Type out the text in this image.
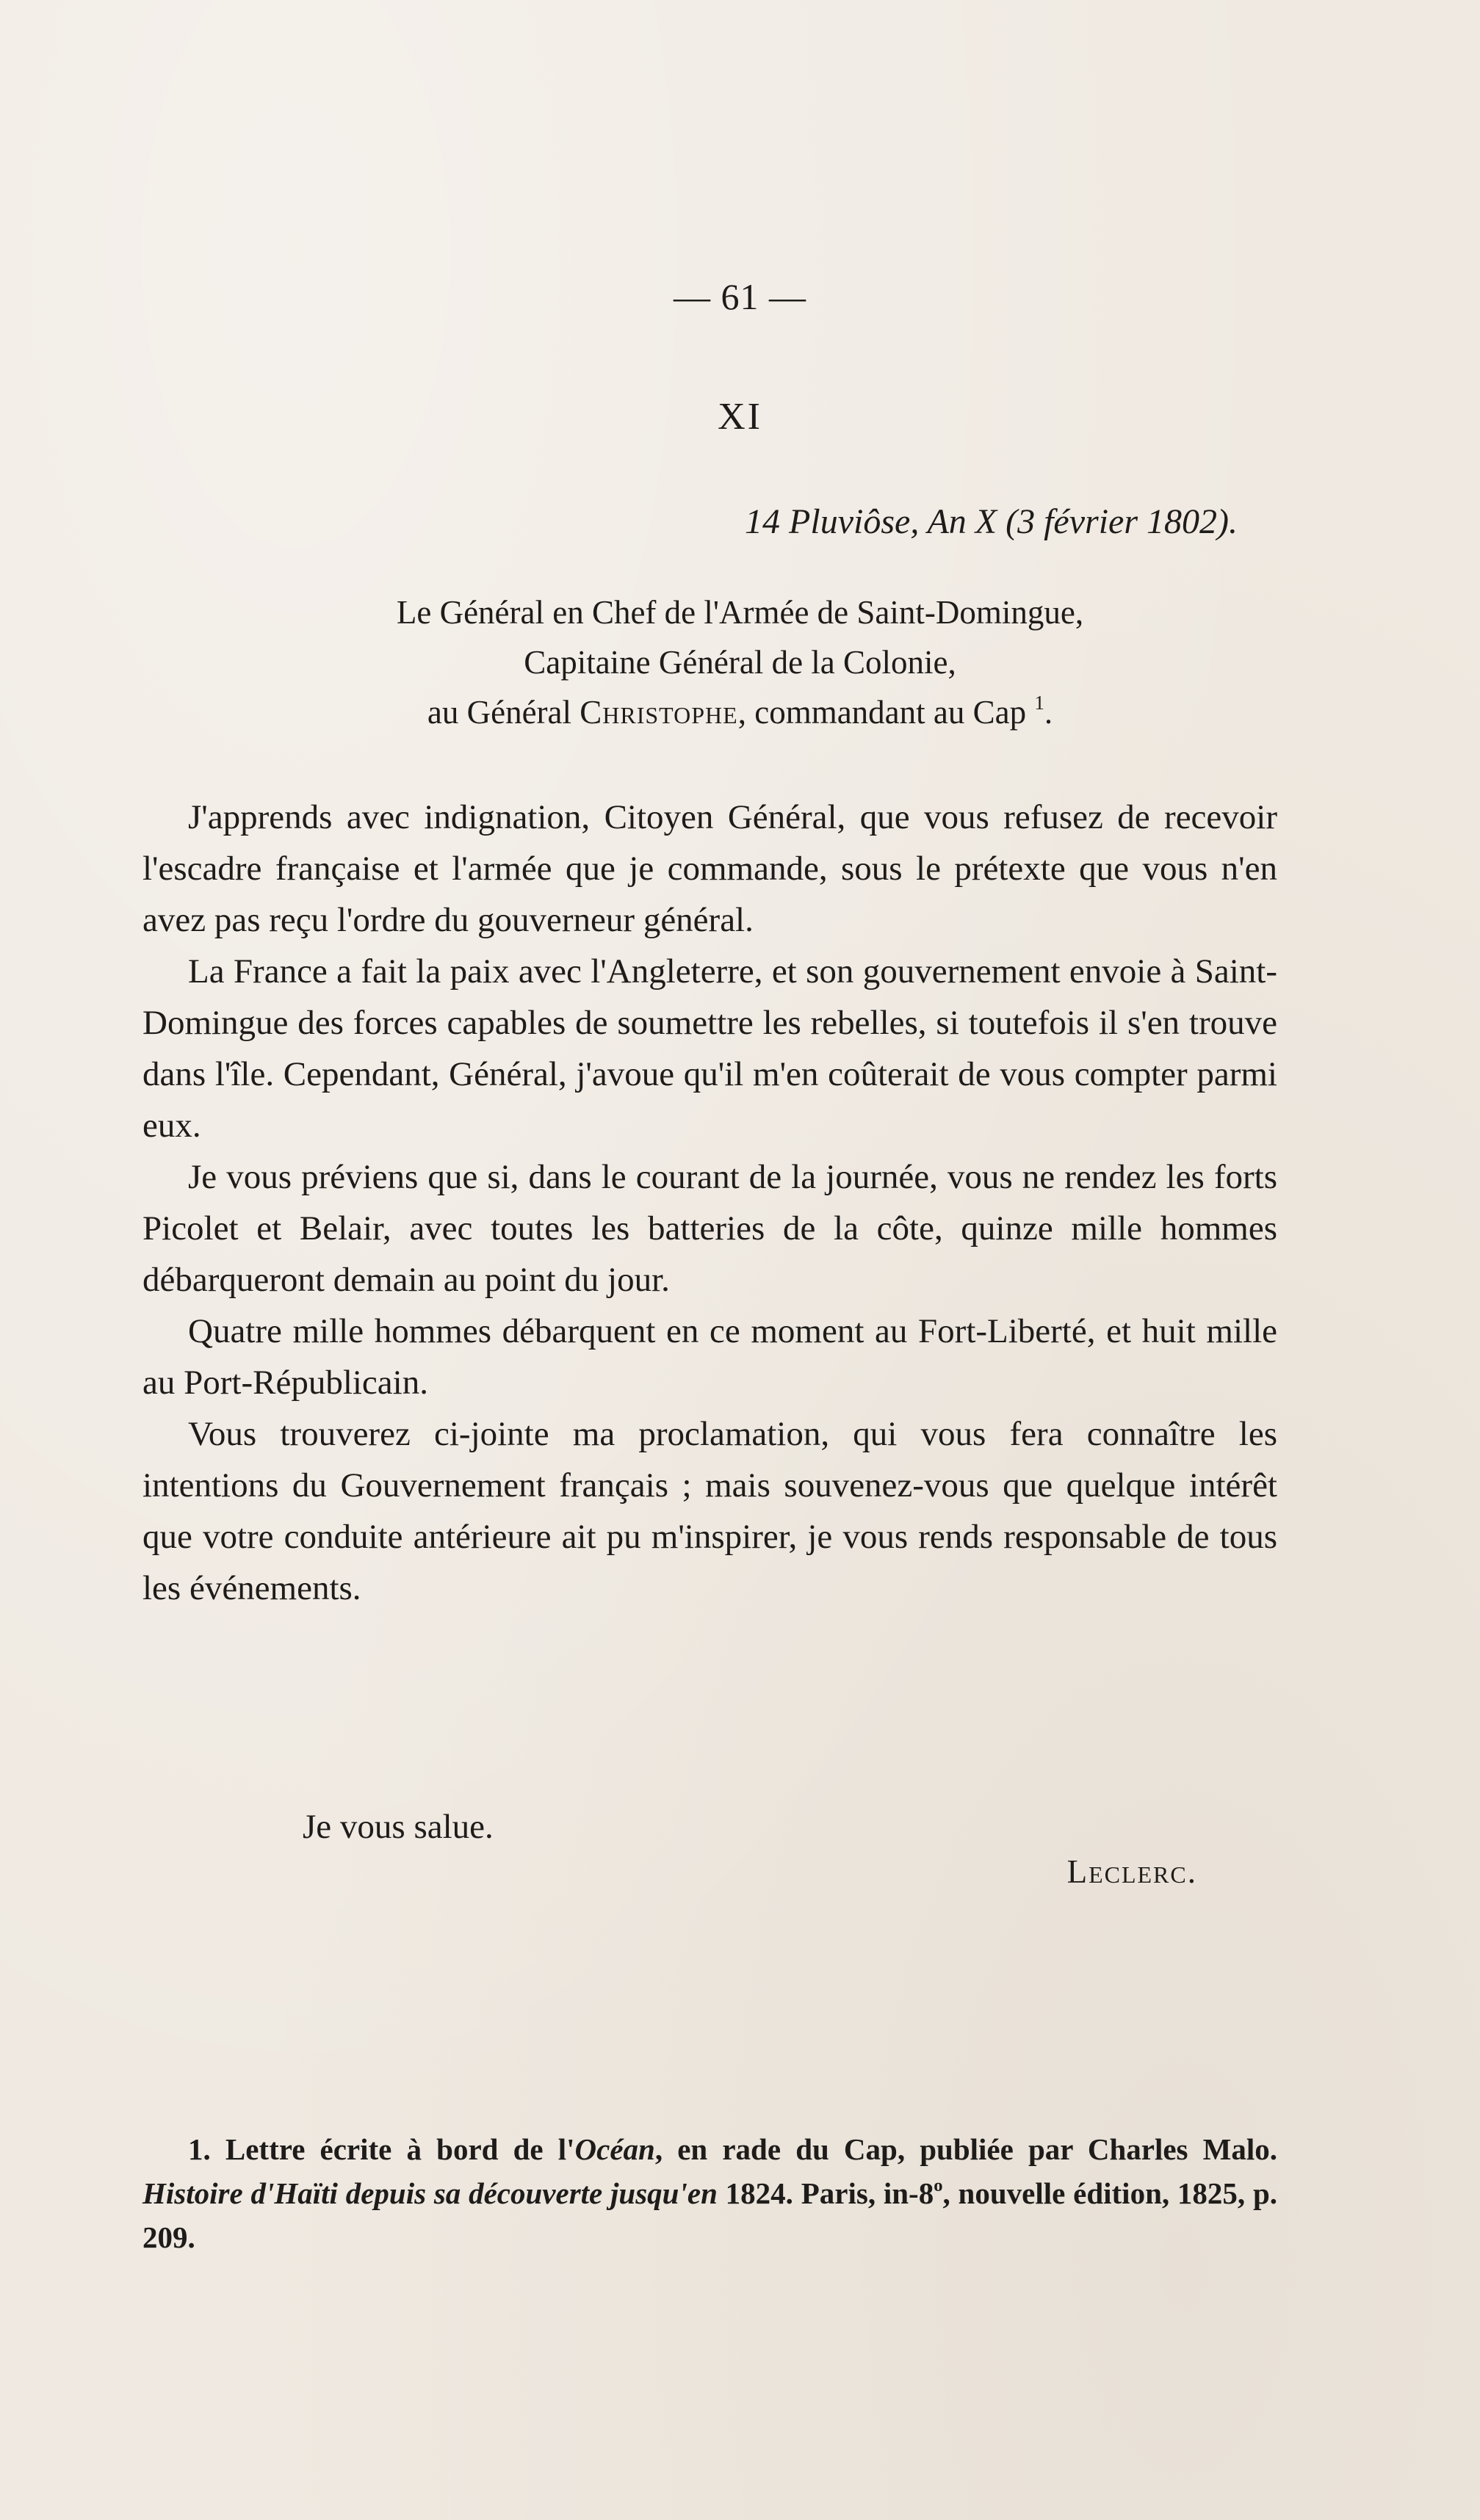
— 61 —
XI
14 Pluviôse, An X (3 février 1802).
Le Général en Chef de l'Armée de Saint-Domingue,
Capitaine Général de la Colonie,
au Général Christophe, commandant au Cap $^1$.

J'apprends avec indignation, Citoyen Général, que vous refusez de recevoir l'escadre française et l'armée que je commande, sous le prétexte que vous n'en avez pas reçu l'ordre du gouverneur général.

La France a fait la paix avec l'Angleterre, et son gouvernement envoie à Saint-Domingue des forces capables de soumettre les rebelles, si toutefois il s'en trouve dans l'île. Cependant, Général, j'avoue qu'il m'en coûterait de vous compter parmi eux.

Je vous préviens que si, dans le courant de la journée, vous ne rendez les forts Picolet et Belair, avec toutes les batteries de la côte, quinze mille hommes débarqueront demain au point du jour.

Quatre mille hommes débarquent en ce moment au Fort-Liberté, et huit mille au Port-Républicain.

Vous trouverez ci-jointe ma proclamation, qui vous fera connaître les intentions du Gouvernement français ; mais souvenez-vous que quelque intérêt que votre conduite antérieure ait pu m'inspirer, je vous rends responsable de tous les événements.

Je vous salue.
Leclerc.

1. Lettre écrite à bord de l'Océan, en rade du Cap, publiée par Charles Malo. Histoire d'Haïti depuis sa découverte jusqu'en 1824. Paris, in-8$^o$, nouvelle édition, 1825, p. 209.
